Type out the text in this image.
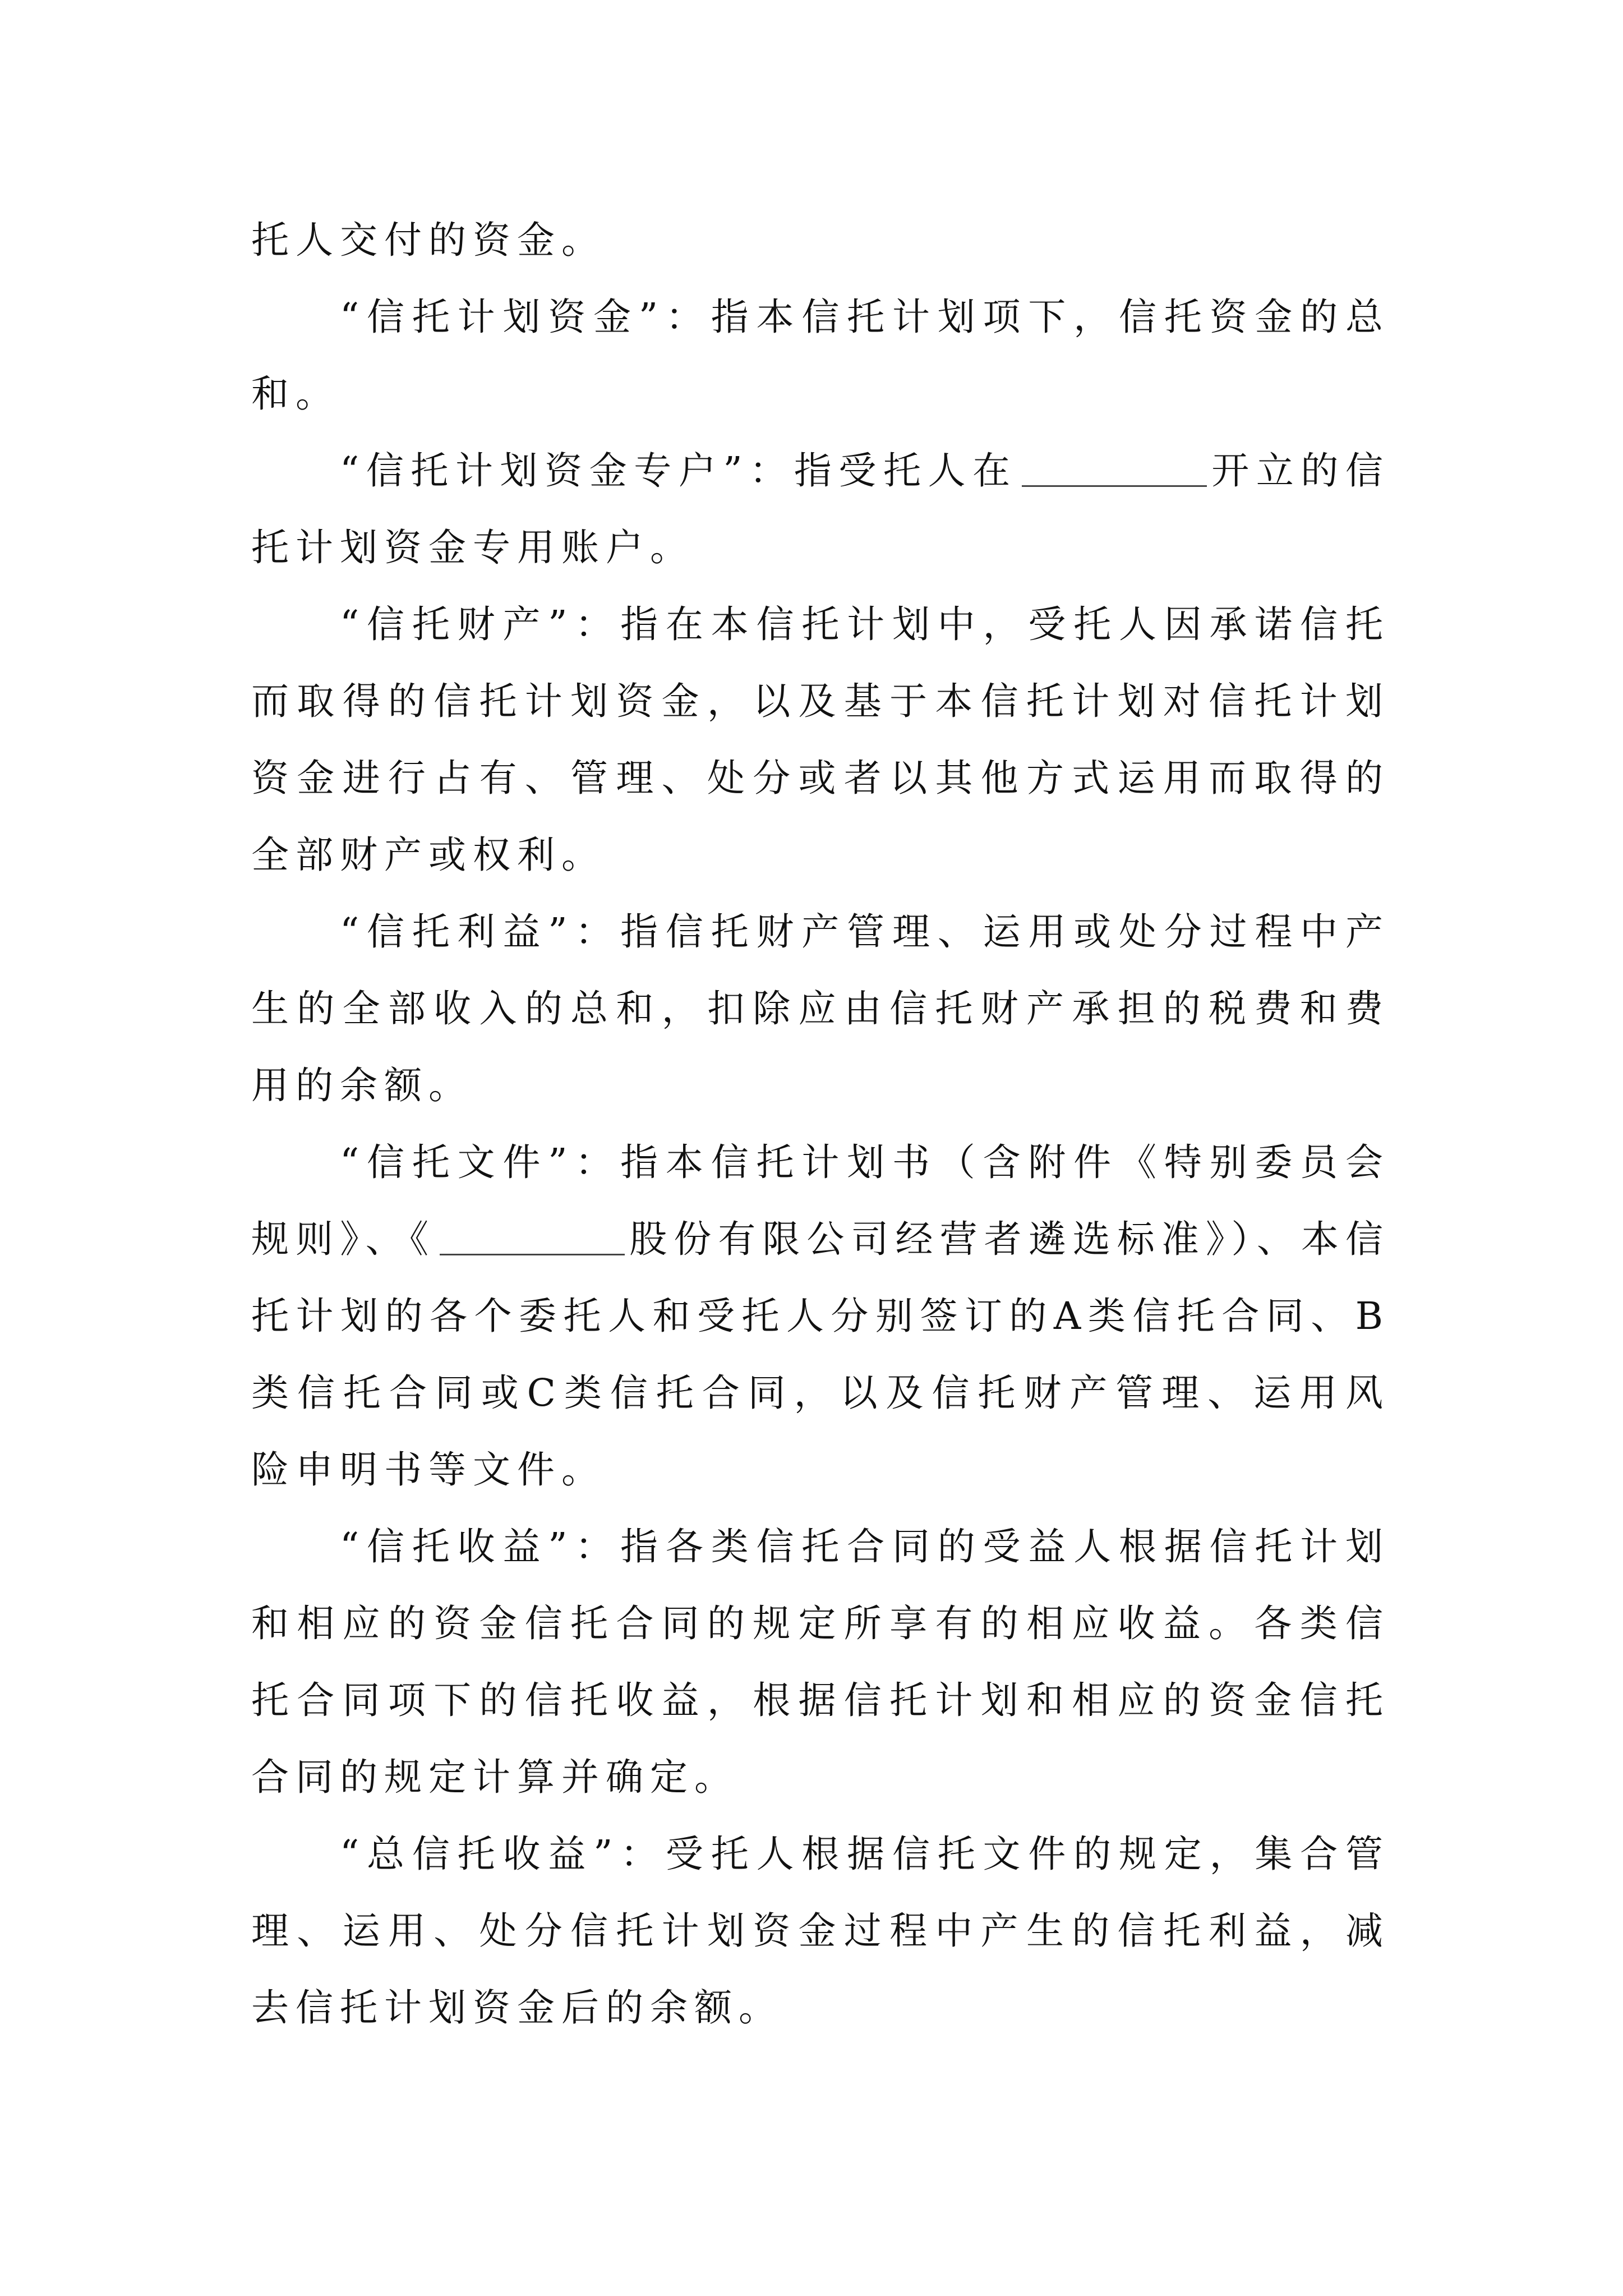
托人交付的资金。

“信托计划资金”：指本信托计划项下，信托资金的总和。

“信托计划资金专户”：指受托人在	开立的信托计划资金专用账户。

“信托财产”：指在本信托计划中，受托人因承诺信托而取得的信托计划资金，以及基于本信托计划对信托计划资金进行占有、管理、处分或者以其他方式运用而取得的全部财产或权利。

“信托利益”：指信托财产管理、运用或处分过程中产生的全部收入的总和，扣除应由信托财产承担的税费和费用的余额。

“信托文件”：指本信托计划书（含附件《特别委员会规则》、《	股份有限公司经营者遴选标准》）、本信托计划的各个委托人和受托人分别签订的A类信托合同、B类信托合同或C类信托合同，以及信托财产管理、运用风险申明书等文件。

“信托收益”：指各类信托合同的受益人根据信托计划和相应的资金信托合同的规定所享有的相应收益。各类信托合同项下的信托收益，根据信托计划和相应的资金信托合同的规定计算并确定。

“总信托收益”：受托人根据信托文件的规定，集合管理、运用、处分信托计划资金过程中产生的信托利益，减去信托计划资金后的余额。
